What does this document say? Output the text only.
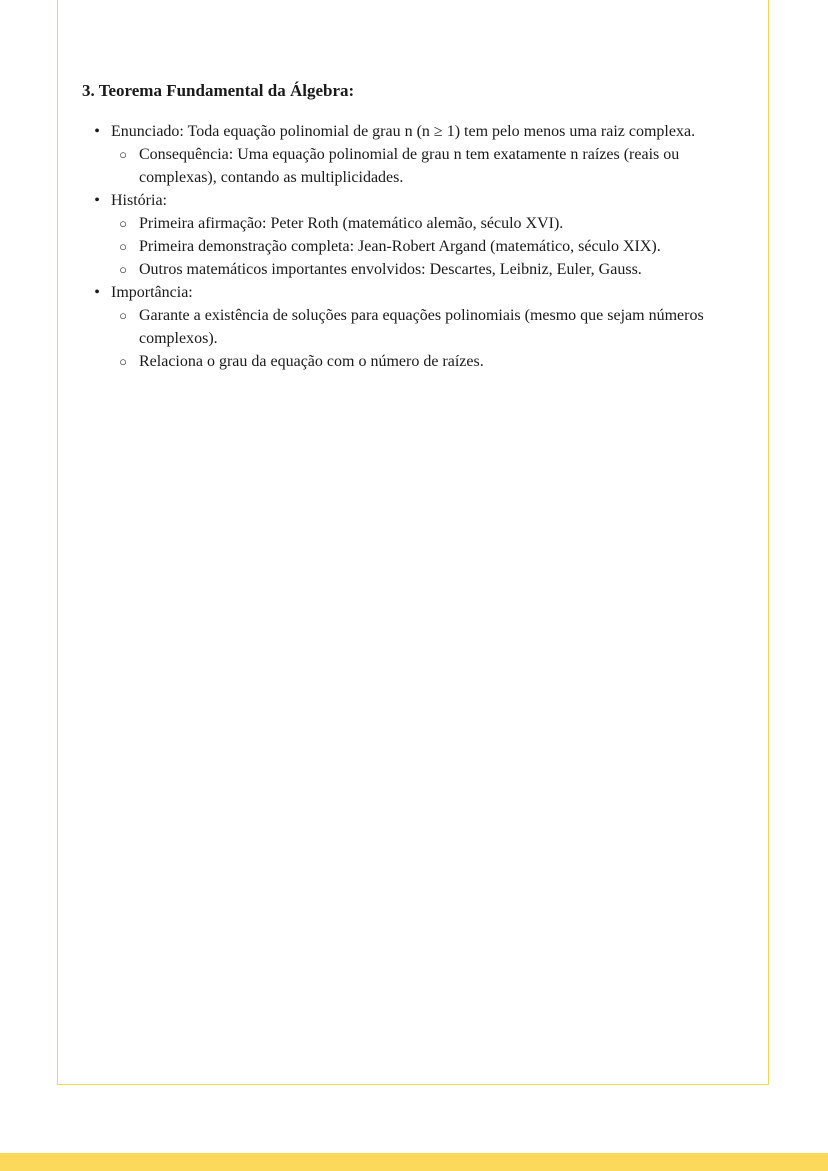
3. Teorema Fundamental da Álgebra:
• Enunciado: Toda equação polinomial de grau n (n ≥ 1) tem pelo menos uma raiz complexa.
○ Consequência: Uma equação polinomial de grau n tem exatamente n raízes (reais ou complexas), contando as multiplicidades.
• História:
○ Primeira afirmação: Peter Roth (matemático alemão, século XVI).
○ Primeira demonstração completa: Jean-Robert Argand (matemático, século XIX).
○ Outros matemáticos importantes envolvidos: Descartes, Leibniz, Euler, Gauss.
• Importância:
○ Garante a existência de soluções para equações polinomiais (mesmo que sejam números complexos).
○ Relaciona o grau da equação com o número de raízes.
